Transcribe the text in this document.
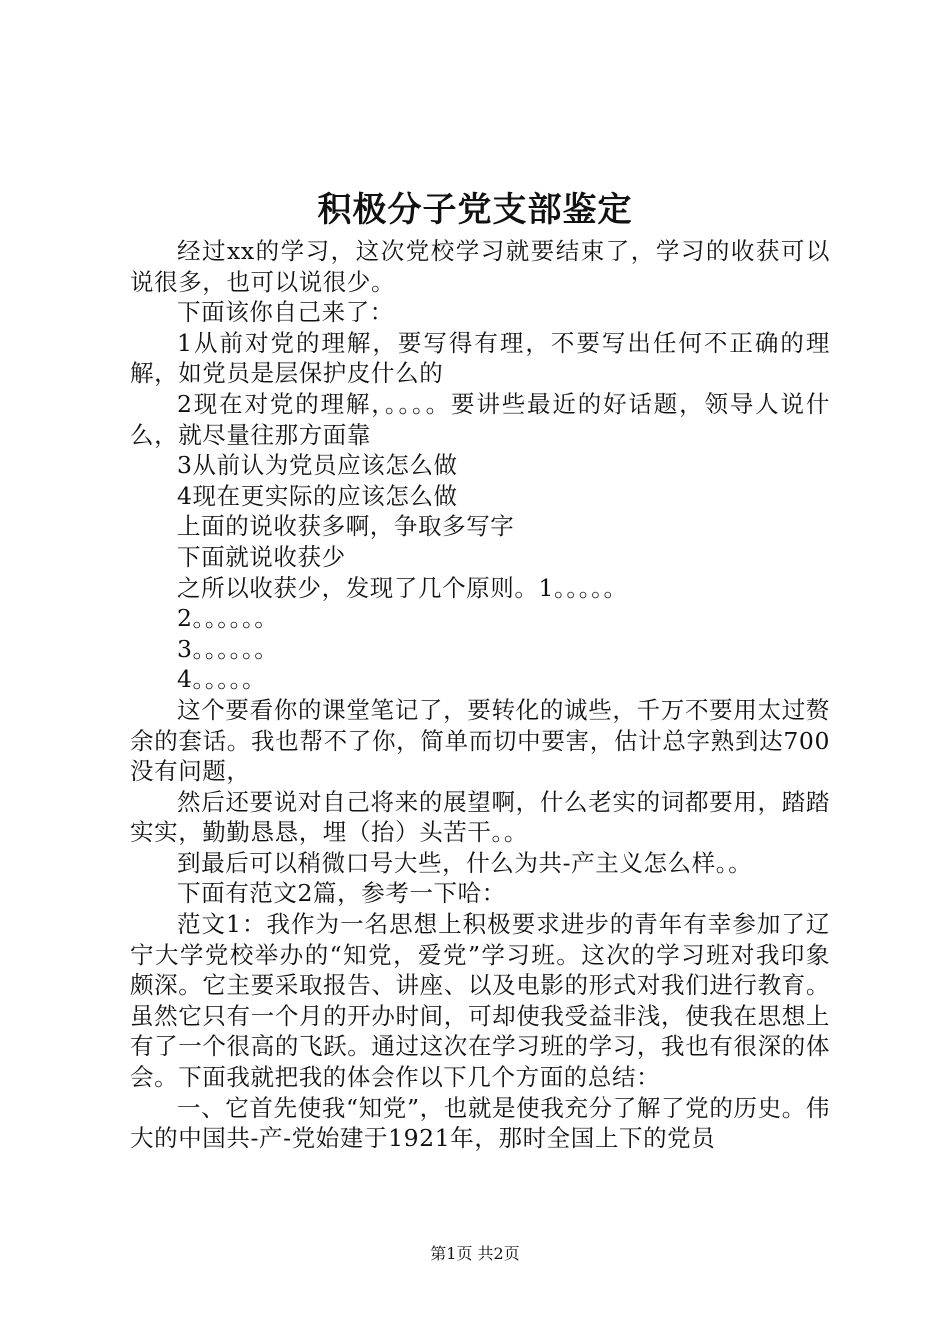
积极分子党支部鉴定

经过xx的学习，这次党校学习就要结束了，学习的收获可以说很多，也可以说很少。

下面该你自己来了：

1从前对党的理解，要写得有理，不要写出任何不正确的理解，如党员是层保护皮什么的

2现在对党的理解，。。。。要讲些最近的好话题，领导人说什么，就尽量往那方面靠

3从前认为党员应该怎么做

4现在更实际的应该怎么做

上面的说收获多啊，争取多写字

下面就说收获少

之所以收获少，发现了几个原则。1。。。。。

2。。。。。。

3。。。。。。

4。。。。。

这个要看你的课堂笔记了，要转化的诚些，千万不要用太过赘余的套话。我也帮不了你，简单而切中要害，估计总字熟到达700没有问题，

然后还要说对自己将来的展望啊，什么老实的词都要用，踏踏实实，勤勤恳恳，埋（抬）头苦干。。

到最后可以稍微口号大些，什么为共-产主义怎么样。。

下面有范文2篇，参考一下哈：

范文1：我作为一名思想上积极要求进步的青年有幸参加了辽宁大学党校举办的“知党，爱党”学习班。这次的学习班对我印象颇深。它主要采取报告、讲座、以及电影的形式对我们进行教育。虽然它只有一个月的开办时间，可却使我受益非浅，使我在思想上有了一个很高的飞跃。通过这次在学习班的学习，我也有很深的体会。下面我就把我的体会作以下几个方面的总结：

一、它首先使我“知党”，也就是使我充分了解了党的历史。伟大的中国共-产-党始建于1921年，那时全国上下的党员

第1页 共2页
